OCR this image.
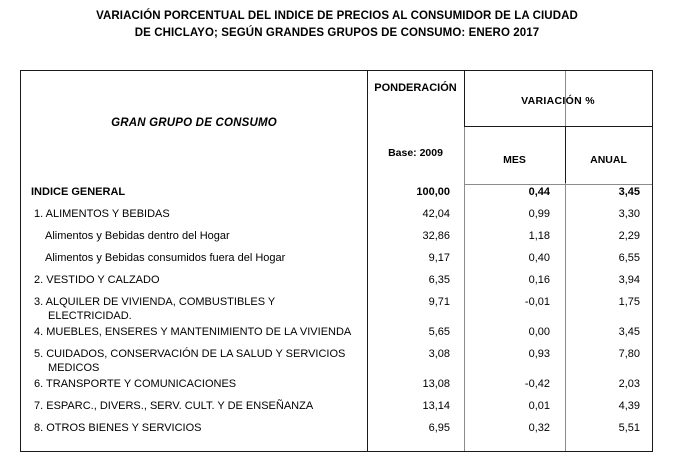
VARIACIÓN PORCENTUAL DEL INDICE DE PRECIOS AL CONSUMIDOR DE LA CIUDAD
DE CHICLAYO; SEGÚN GRANDES GRUPOS DE CONSUMO: ENERO 2017
GRAN GRUPO DE CONSUMO
PONDERACIÓN
Base: 2009
VARIACIÓN %
MES	ANUAL
INDICE GENERAL	100,00	0,44	3,45
1. ALIMENTOS Y BEBIDAS	42,04	0,99	3,30
Alimentos y Bebidas dentro del Hogar	32,86	1,18	2,29
Alimentos y Bebidas consumidos fuera del Hogar	9,17	0,40	6,55
2. VESTIDO Y CALZADO	6,35	0,16	3,94
3. ALQUILER DE VIVIENDA, COMBUSTIBLES Y
ELECTRICIDAD.
9,71	-0,01	1,75
4. MUEBLES, ENSERES Y MANTENIMIENTO DE LA VIVIENDA	5,65	0,00	3,45
5. CUIDADOS, CONSERVACIÓN DE LA SALUD Y SERVICIOS
MEDICOS
3,08	0,93	7,80
6. TRANSPORTE Y COMUNICACIONES	13,08	-0,42	2,03
7. ESPARC., DIVERS., SERV. CULT. Y DE ENSEÑANZA	13,14	0,01	4,39
8. OTROS BIENES Y SERVICIOS	6,95	0,32	5,51
